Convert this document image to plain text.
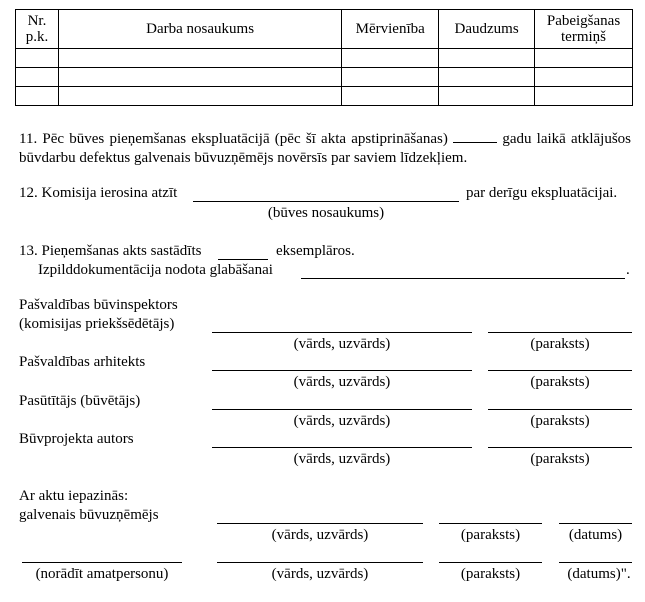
Nr.
p.k.	Darba nosaukums	Mērvienība	Daudzums	Pabeigšanas
termiņš

11. Pēc būves pieņemšanas ekspluatācijā (pēc šī akta apstiprināšanas)	gadu laikā atklājušos būvdarbu defektus galvenais būvuzņēmējs novērsīs par saviem līdzekļiem.
12. Komisija ierosina atzīt	par derīgu ekspluatācijai.
(būves nosaukums)
13. Pieņemšanas akts sastādīts	eksemplāros.
Izpilddokumentācija nodota glabāšanai	.
Pašvaldības būvinspektors
(komisijas priekšsēdētājs)
(vārds, uzvārds)	(paraksts)
Pašvaldības arhitekts
(vārds, uzvārds)	(paraksts)
Pasūtītājs (būvētājs)
(vārds, uzvārds)	(paraksts)
Būvprojekta autors
(vārds, uzvārds)	(paraksts)
Ar aktu iepazinās:
galvenais būvuzņēmējs
(vārds, uzvārds)	(paraksts)	(datums)
(norādīt amatpersonu)	(vārds, uzvārds)	(paraksts)	(datums)".
